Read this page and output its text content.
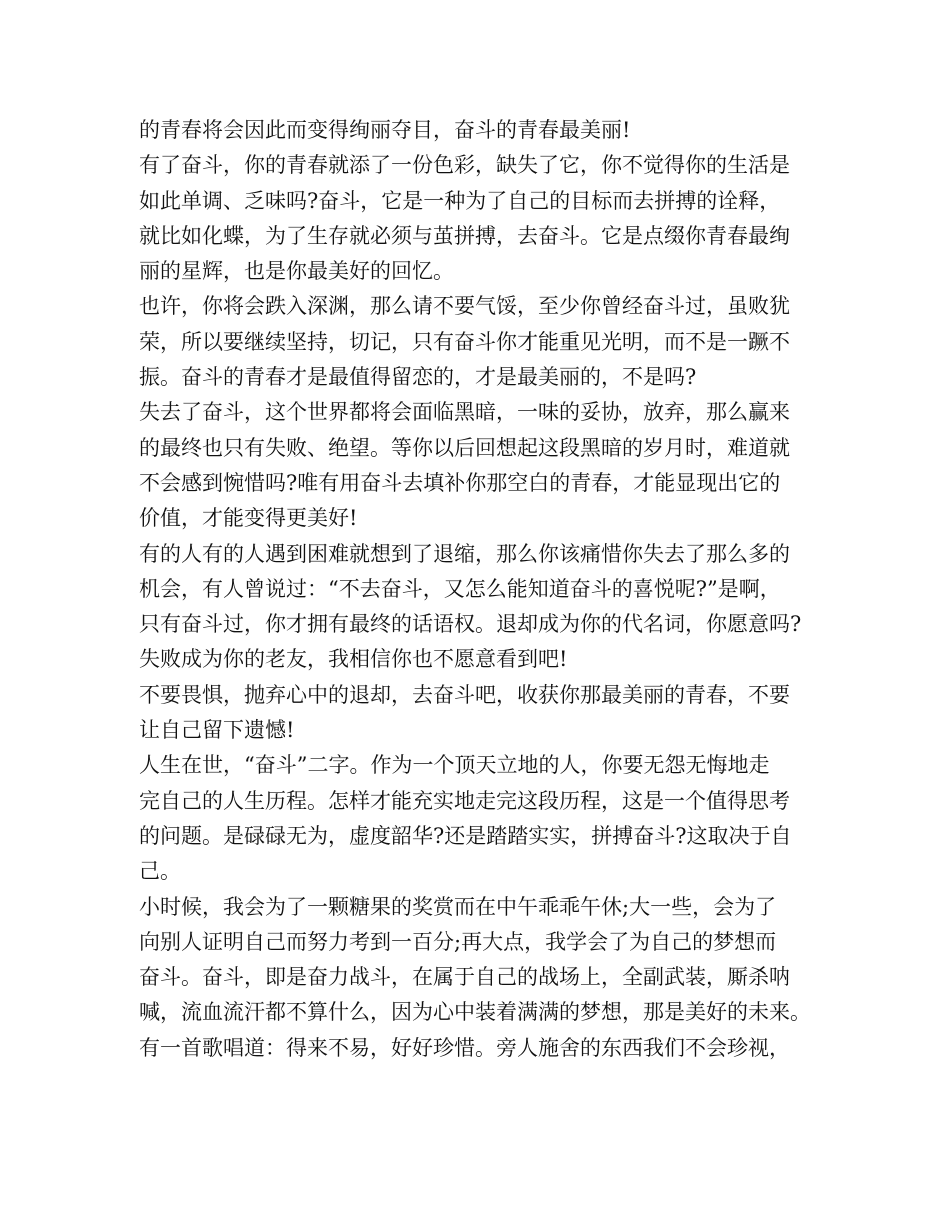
的青春将会因此而变得绚丽夺目，奋斗的青春最美丽!
有了奋斗，你的青春就添了一份色彩，缺失了它，你不觉得你的生活是
如此单调、乏味吗?奋斗，它是一种为了自己的目标而去拼搏的诠释，
就比如化蝶，为了生存就必须与茧拼搏，去奋斗。它是点缀你青春最绚
丽的星辉，也是你最美好的回忆。
也许，你将会跌入深渊，那么请不要气馁，至少你曾经奋斗过，虽败犹
荣，所以要继续坚持，切记，只有奋斗你才能重见光明，而不是一蹶不
振。奋斗的青春才是最值得留恋的，才是最美丽的，不是吗?
失去了奋斗，这个世界都将会面临黑暗，一味的妥协，放弃，那么赢来
的最终也只有失败、绝望。等你以后回想起这段黑暗的岁月时，难道就
不会感到惋惜吗?唯有用奋斗去填补你那空白的青春，才能显现出它的
价值，才能变得更美好!
有的人有的人遇到困难就想到了退缩，那么你该痛惜你失去了那么多的
机会，有人曾说过：“不去奋斗，又怎么能知道奋斗的喜悦呢?”是啊，
只有奋斗过，你才拥有最终的话语权。退却成为你的代名词，你愿意吗?
失败成为你的老友，我相信你也不愿意看到吧!
不要畏惧，抛弃心中的退却，去奋斗吧，收获你那最美丽的青春，不要
让自己留下遗憾!
人生在世，“奋斗”二字。作为一个顶天立地的人，你要无怨无悔地走
完自己的人生历程。怎样才能充实地走完这段历程，这是一个值得思考
的问题。是碌碌无为，虚度韶华?还是踏踏实实，拼搏奋斗?这取决于自
己。
小时候，我会为了一颗糖果的奖赏而在中午乖乖午休;大一些，会为了
向别人证明自己而努力考到一百分;再大点，我学会了为自己的梦想而
奋斗。奋斗，即是奋力战斗，在属于自己的战场上，全副武装，厮杀呐
喊，流血流汗都不算什么，因为心中装着满满的梦想，那是美好的未来。
有一首歌唱道：得来不易，好好珍惜。旁人施舍的东西我们不会珍视，
